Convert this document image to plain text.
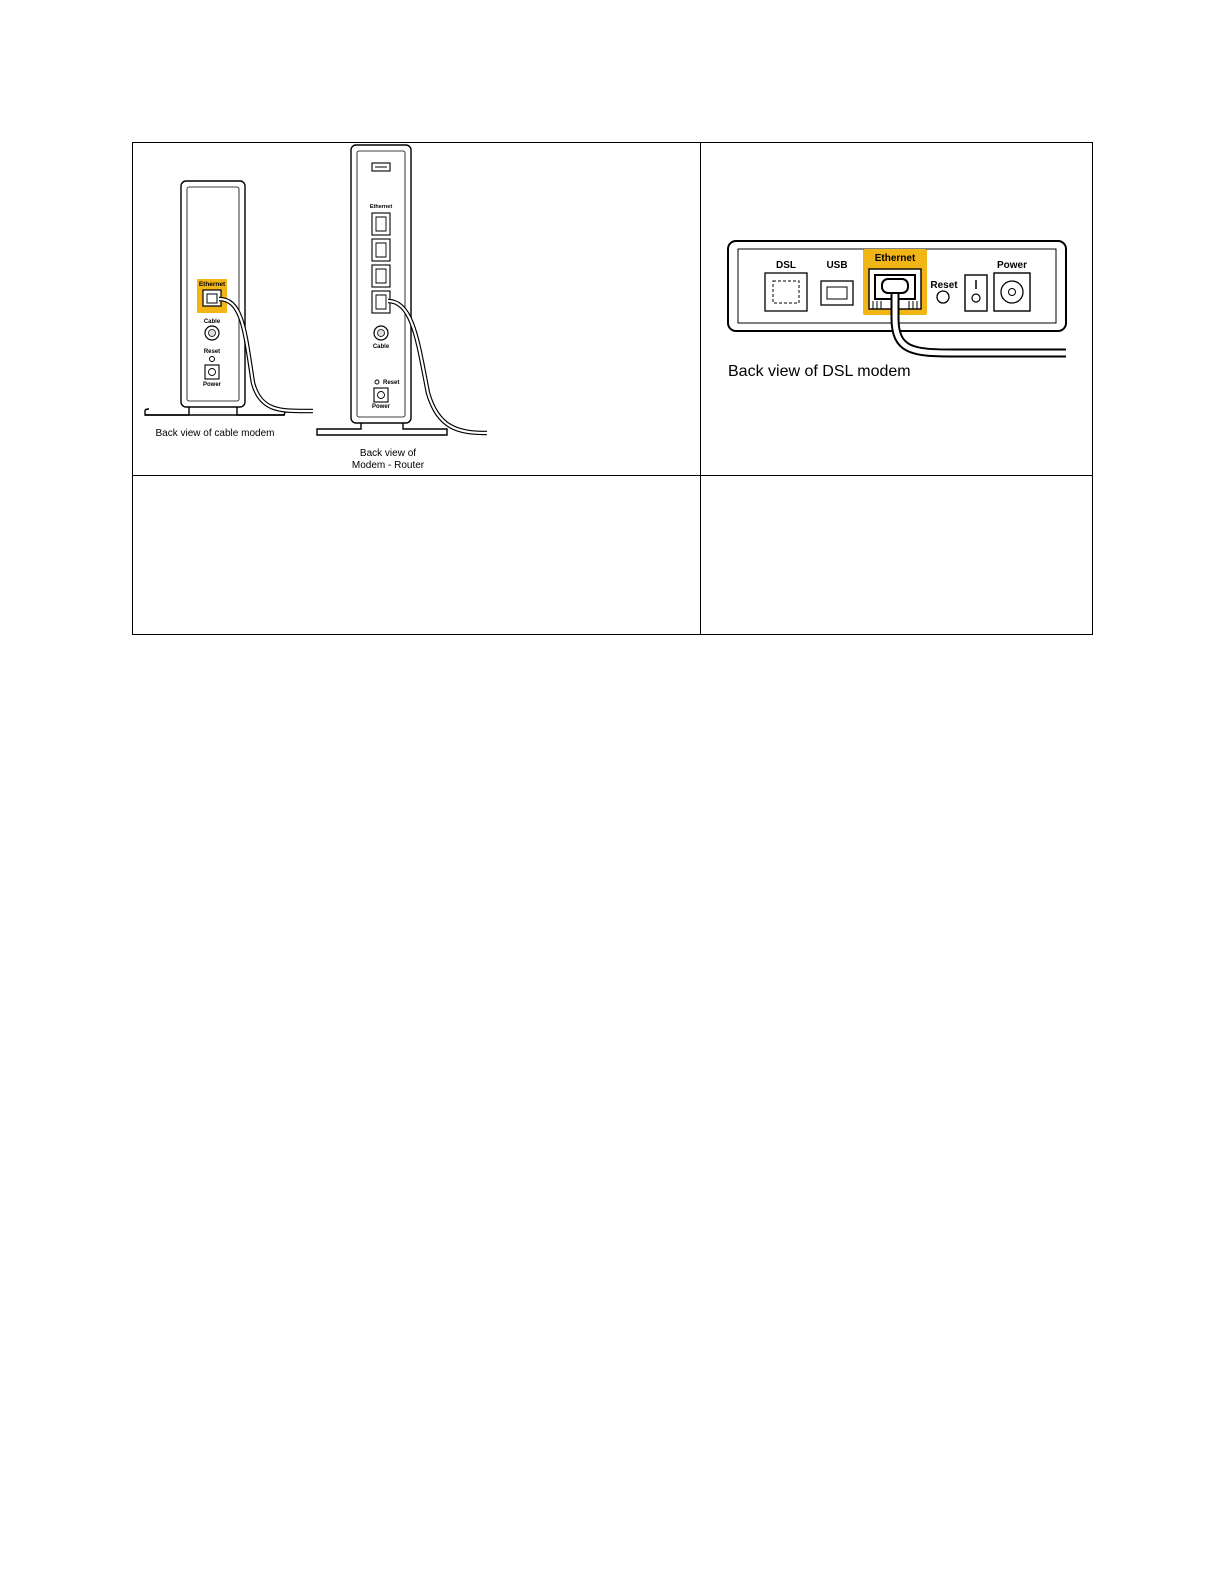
Ethernet
Cable
Reset
Power
Back view of cable modem
Ethernet
Cable
Reset
Power
Back view of
Modem - Router
DSL	USB
Ethernet
Reset
Power
Back view of DSL modem
